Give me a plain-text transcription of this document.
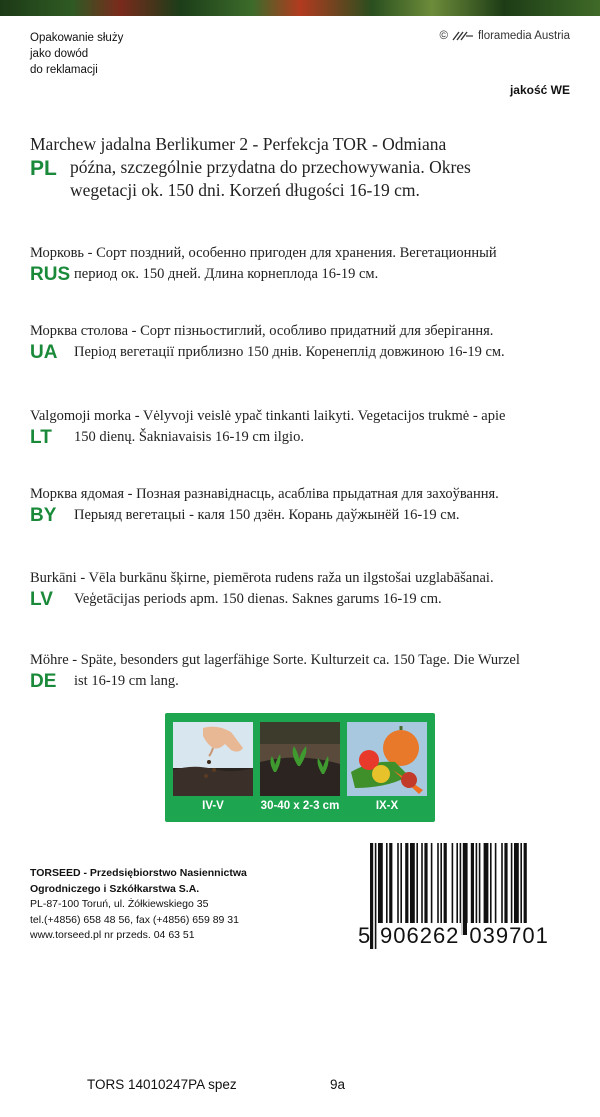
Opakowanie służy
jako dowód
do reklamacji
©	floramedia Austria
jakość WE
PL

Marchew jadalna Berlikumer 2 - Perfekcja TOR - Odmiana
późna, szczególnie przydatna do przechowywania. Okres
wegetacji ok. 150 dni. Korzeń długości 16-19 cm.

RUS

Морковь - Сорт поздний, особенно пригоден для хранения. Вегетационный
период ок. 150 дней. Длина корнеплода 16-19 см.

UA

Морква столова - Сорт пізньостиглий, особливо придатний для зберігання.
Період вегетації приблизно 150 днів. Коренеплід довжиною 16-19 см.

LT

Valgomoji morka - Vėlyvoji veislė ypač tinkanti laikyti. Vegetacijos trukmė - apie
150 dienų. Šakniavaisis 16-19 cm ilgio.

BY

Морква ядомая - Позная разнавіднасць, асабліва прыдатная для захоўвання.
Перыяд вегетацыі - каля 150 дзён. Корань даўжынёй 16-19 см.

LV

Burkāni - Vēla burkānu šķirne, piemērota rudens raža un ilgstošai uzglabāšanai.
Veģetācijas periods apm. 150 dienas. Saknes garums 16-19 cm.

DE

Möhre - Späte, besonders gut lagerfähige Sorte. Kulturzeit ca. 150 Tage. Die Wurzel
ist 16-19 cm lang.

IV-V	30-40 x 2-3 cm	IX-X
TORSEED - Przedsiębiorstwo Nasiennictwa
Ogrodniczego i Szkółkarstwa S.A.
PL-87-100 Toruń, ul. Żółkiewskiego 35
tel.(+4856) 658 48 56, fax (+4856) 659 89 31
www.torseed.pl nr przeds. 04 63 51	5 906262 039701
TORS 14010247PA spez	9a
